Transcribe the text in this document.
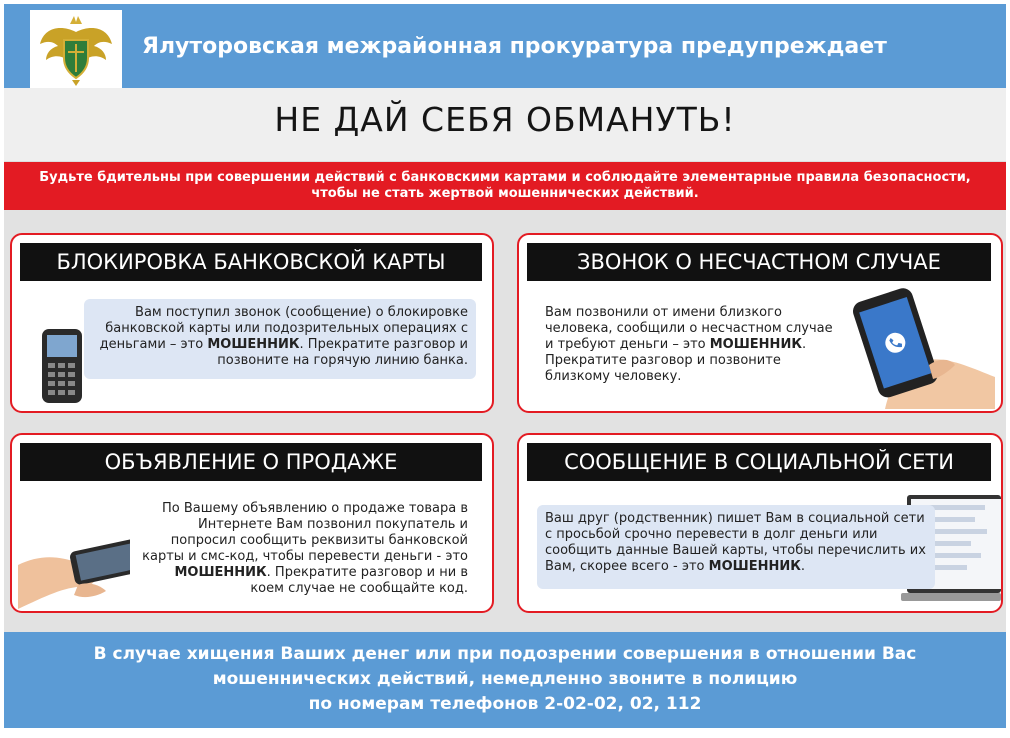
Ялуторовская межрайонная прокуратура предупреждает
НЕ ДАЙ СЕБЯ ОБМАНУТЬ!
Будьте бдительны при совершении действий с банковскими картами и соблюдайте элементарные правила безопасности,
чтобы не стать жертвой мошеннических действий.
БЛОКИРОВКА БАНКОВСКОЙ КАРТЫ
Вам поступил звонок (сообщение) о блокировке банковской карты или подозрительных операциях с деньгами – это МОШЕННИК. Прекратите разговор и позвоните на горячую линию банка.
ЗВОНОК О НЕСЧАСТНОМ СЛУЧАЕ
Вам позвонили от имени близкого человека, сообщили о несчастном случае и требуют деньги – это МОШЕННИК. Прекратите разговор и позвоните близкому человеку.
ОБЪЯВЛЕНИЕ О ПРОДАЖЕ
По Вашему объявлению о продаже товара в Интернете Вам позвонил покупатель и попросил сообщить реквизиты банковской карты и смс-код, чтобы перевести деньги - это МОШЕННИК. Прекратите разговор и ни в коем случае не сообщайте код.
СООБЩЕНИЕ В СОЦИАЛЬНОЙ СЕТИ
Ваш друг (родственник) пишет Вам в социальной сети с просьбой срочно перевести в долг деньги или сообщить данные Вашей карты, чтобы перечислить их Вам, скорее всего - это МОШЕННИК.
В случае хищения Ваших денег или при подозрении совершения в отношении Вас
мошеннических действий, немедленно звоните в полицию
по номерам телефонов 2-02-02, 02, 112
